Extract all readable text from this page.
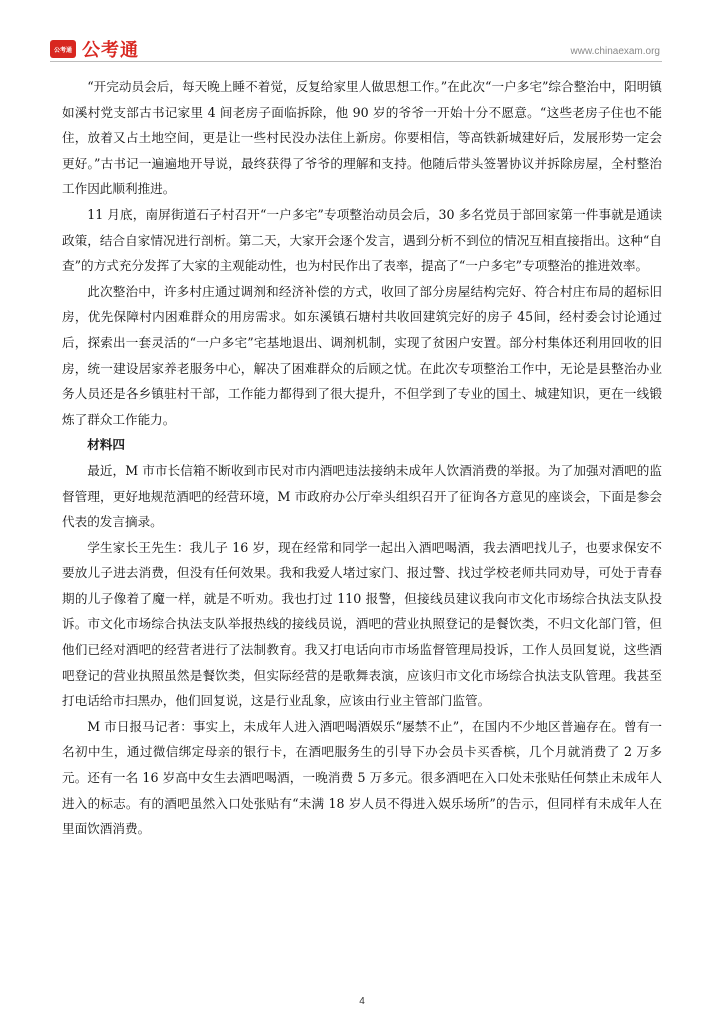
公考通 公考通	www.chinaexam.org

“开完动员会后，每天晚上睡不着觉，反复给家里人做思想工作。”在此次“一户多宅”综合整治中，阳明镇如溪村党支部古书记家里 4 间老房子面临拆除，他 90 岁的爷爷一开始十分不愿意。“这些老房子住也不能住，放着又占土地空间，更是让一些村民没办法住上新房。你要相信，等高铁新城建好后，发展形势一定会更好。”古书记一遍遍地开导说，最终获得了爷爷的理解和支持。他随后带头签署协议并拆除房屋，全村整治工作因此顺利推进。

11 月底，南屏街道石子村召开“一户多宅”专项整治动员会后，30 多名党员于部回家第一件事就是通读政策，结合自家情况进行剖析。第二天，大家开会逐个发言，遇到分析不到位的情况互相直接指出。这种“自查”的方式充分发挥了大家的主观能动性，也为村民作出了表率，提高了“一户多宅”专项整治的推进效率。

此次整治中，许多村庄通过调剂和经济补偿的方式，收回了部分房屋结构完好、符合村庄布局的超标旧房，优先保障村内困难群众的用房需求。如东溪镇石塘村共收回建筑完好的房子 45间，经村委会讨论通过后，探索出一套灵活的“一户多宅”宅基地退出、调剂机制，实现了贫困户安置。部分村集体还利用回收的旧房，统一建设居家养老服务中心，解决了困难群众的后顾之忧。在此次专项整治工作中，无论是县整治办业务人员还是各乡镇驻村干部，工作能力都得到了很大提升，不但学到了专业的国土、城建知识，更在一线锻炼了群众工作能力。

材料四

最近，M 市市长信箱不断收到市民对市内酒吧违法接纳未成年人饮酒消费的举报。为了加强对酒吧的监督管理，更好地规范酒吧的经营环境，M 市政府办公厅牵头组织召开了征询各方意见的座谈会，下面是参会代表的发言摘录。

学生家长王先生：我儿子 16 岁，现在经常和同学一起出入酒吧喝酒，我去酒吧找儿子，也要求保安不要放儿子进去消费，但没有任何效果。我和我爱人堵过家门、报过警、找过学校老师共同劝导，可处于青春期的儿子像着了魔一样，就是不听劝。我也打过 110 报警，但接线员建议我向市文化市场综合执法支队投诉。市文化市场综合执法支队举报热线的接线员说，酒吧的营业执照登记的是餐饮类，不归文化部门管，但他们已经对酒吧的经营者进行了法制教育。我又打电话向市市场监督管理局投诉，工作人员回复说，这些酒吧登记的营业执照虽然是餐饮类，但实际经营的是歌舞表演，应该归市文化市场综合执法支队管理。我甚至打电话给市扫黑办，他们回复说，这是行业乱象，应该由行业主管部门监管。

M 市日报马记者：事实上，未成年人进入酒吧喝酒娱乐“屡禁不止”，在国内不少地区普遍存在。曾有一名初中生，通过微信绑定母亲的银行卡，在酒吧服务生的引导下办会员卡买香槟，几个月就消费了 2 万多元。还有一名 16 岁高中女生去酒吧喝酒，一晚消费 5 万多元。很多酒吧在入口处未张贴任何禁止未成年人进入的标志。有的酒吧虽然入口处张贴有“未满 18 岁人员不得进入娱乐场所”的告示，但同样有未成年人在里面饮酒消费。

4
